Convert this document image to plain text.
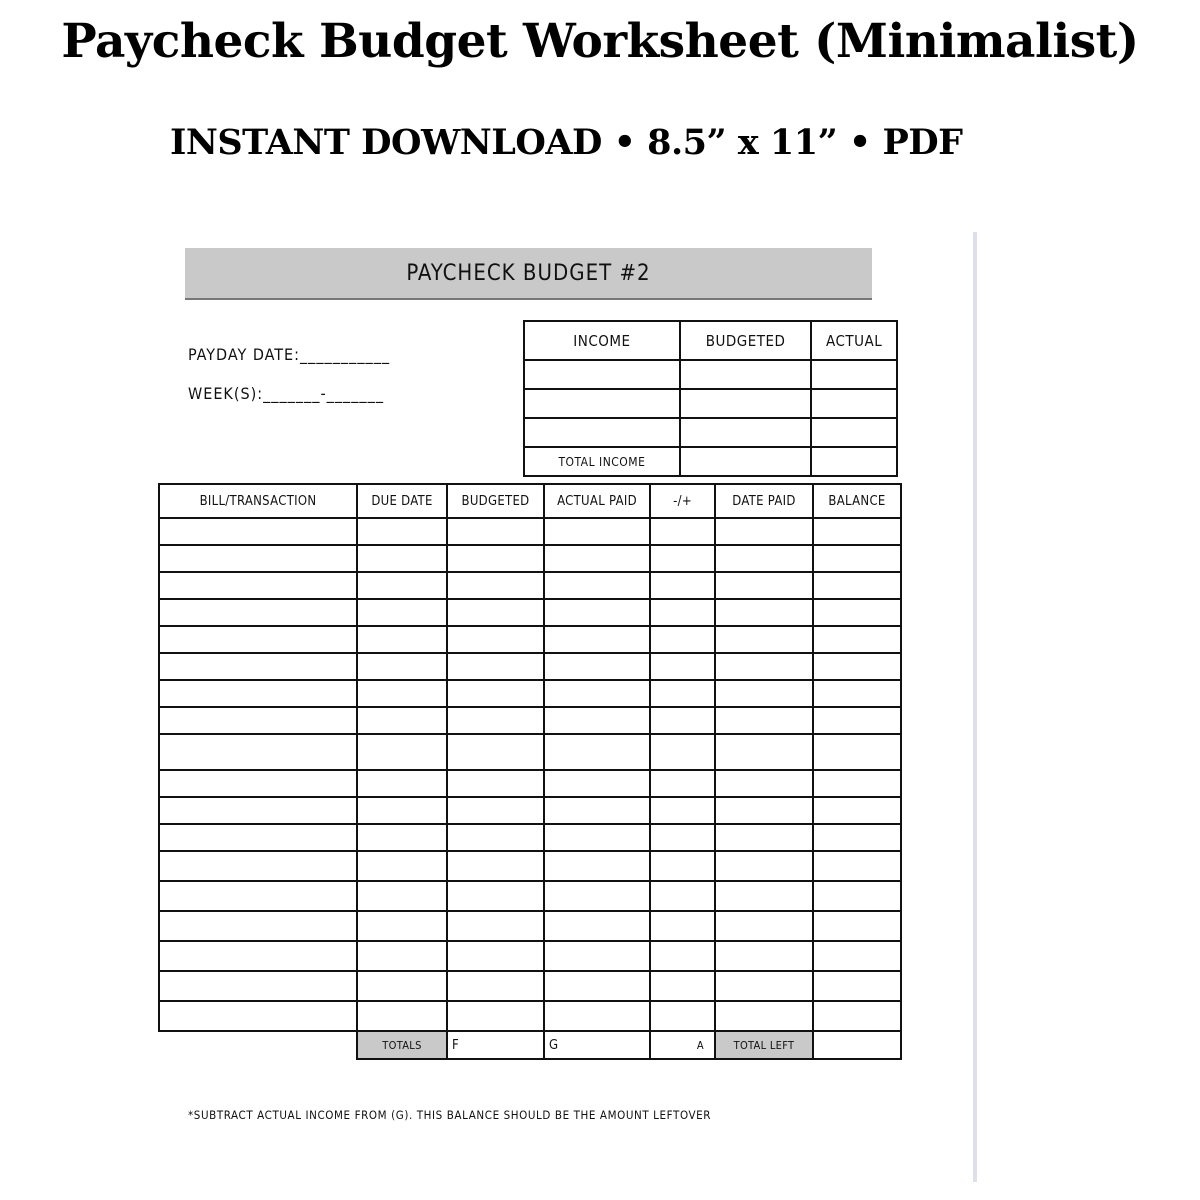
Paycheck Budget Worksheet (Minimalist)
INSTANT DOWNLOAD • 8.5” x 11” • PDF
PAYCHECK BUDGET #2
PAYDAY DATE:___________
WEEK(S):_______-_______
INCOME	BUDGETED	ACTUAL

TOTAL INCOME		
BILL/TRANSACTION	DUE DATE	BUDGETED	ACTUAL PAID	-/+	DATE PAID	BALANCE

	TOTALS	F	G	A	TOTAL LEFT	
*SUBTRACT ACTUAL INCOME FROM (G). THIS BALANCE SHOULD BE THE AMOUNT LEFTOVER
